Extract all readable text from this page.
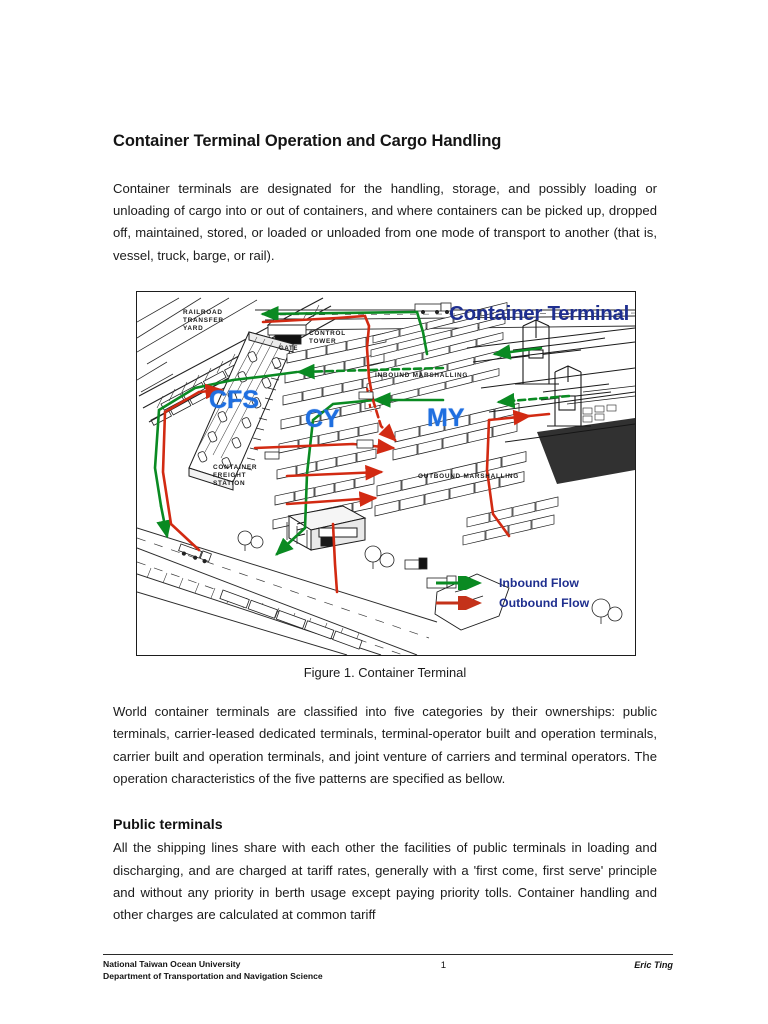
Container Terminal Operation and Cargo Handling

Container terminals are designated for the handling, storage, and possibly loading or unloading of cargo into or out of containers, and where containers can be picked up, dropped off, maintained, stored, or loaded or unloaded from one mode of transport to another (that is, vessel, truck, barge, or rail).

Container Terminal
CFS
CY	MY
RAILROAD
TRANSFER
YARD
CONTROL
TOWER
GATE
INBOUND MARSHALLING
OUTBOUND MARSHALLING
CONTAINER
FREIGHT
STATION
Inbound Flow
Outbound Flow
Figure 1. Container Terminal

World container terminals are classified into five categories by their ownerships: public terminals, carrier-leased dedicated terminals, terminal-operator built and operation terminals, carrier built and operation terminals, and joint venture of carriers and terminal operators. The operation characteristics of the five patterns are specified as bellow.

Public terminals

All the shipping lines share with each other the facilities of public terminals in loading and discharging, and are charged at tariff rates, generally with a 'first come, first serve' principle and without any priority in berth usage except paying priority tolls. Container handling and other charges are calculated at common tariff

National Taiwan Ocean University
Department of Transportation and Navigation Science
1	Eric Ting
